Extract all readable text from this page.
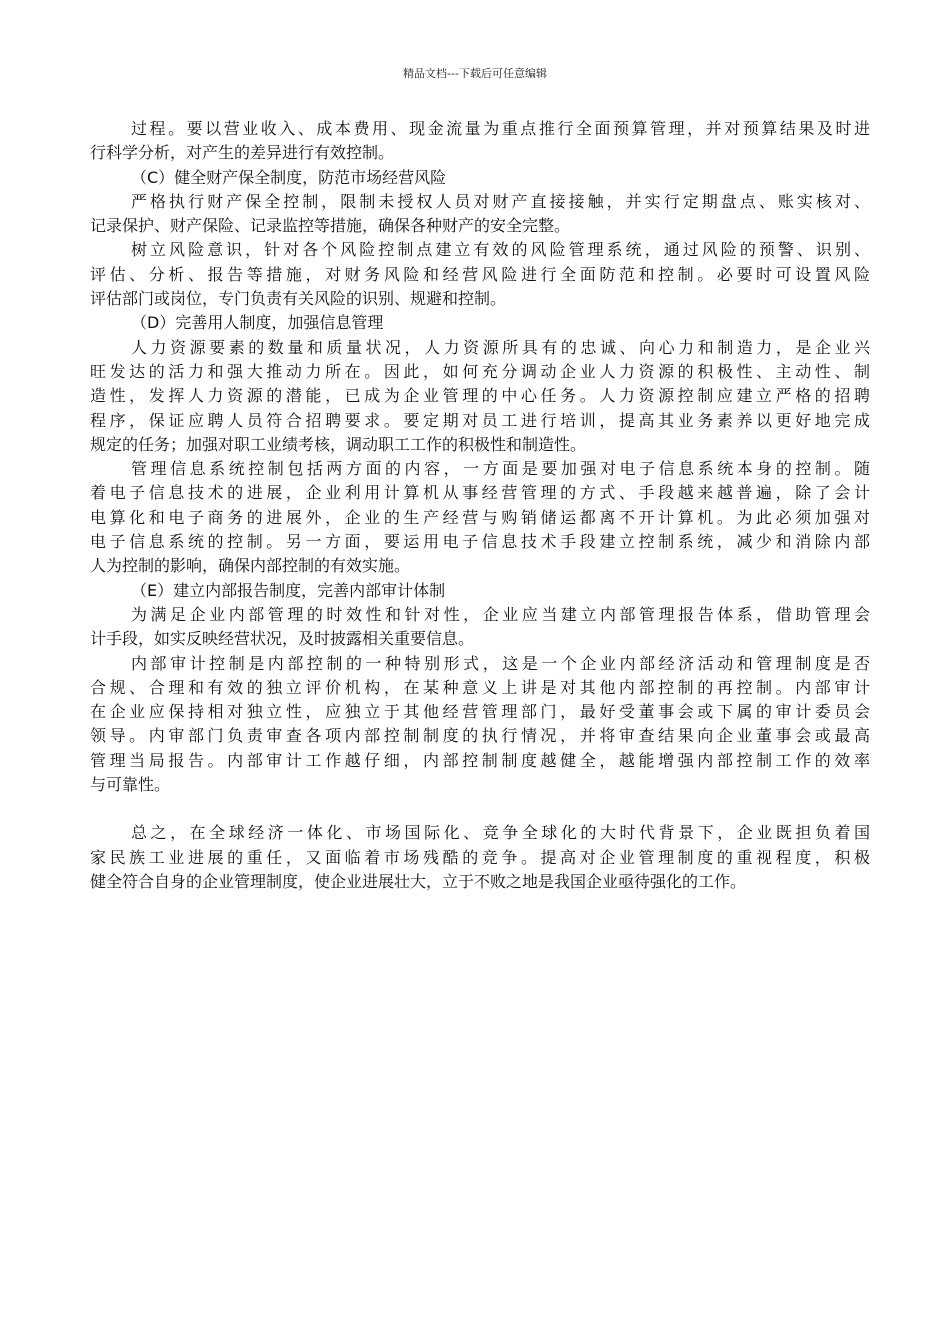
精品文档---下载后可任意编辑
过程。要以营业收入、成本费用、现金流量为重点推行全面预算管理，并对预算结果及时进
行科学分析，对产生的差异进行有效控制。
（C）健全财产保全制度，防范市场经营风险
严格执行财产保全控制，限制未授权人员对财产直接接触，并实行定期盘点、账实核对、
记录保护、财产保险、记录监控等措施，确保各种财产的安全完整。
树立风险意识，针对各个风险控制点建立有效的风险管理系统，通过风险的预警、识别、
评估、分析、报告等措施，对财务风险和经营风险进行全面防范和控制。必要时可设置风险
评估部门或岗位，专门负责有关风险的识别、规避和控制。
（D）完善用人制度，加强信息管理
人力资源要素的数量和质量状况，人力资源所具有的忠诚、向心力和制造力，是企业兴
旺发达的活力和强大推动力所在。因此，如何充分调动企业人力资源的积极性、主动性、制
造性，发挥人力资源的潜能，已成为企业管理的中心任务。人力资源控制应建立严格的招聘
程序，保证应聘人员符合招聘要求。要定期对员工进行培训，提高其业务素养以更好地完成
规定的任务；加强对职工业绩考核，调动职工工作的积极性和制造性。
管理信息系统控制包括两方面的内容，一方面是要加强对电子信息系统本身的控制。随
着电子信息技术的进展，企业利用计算机从事经营管理的方式、手段越来越普遍，除了会计
电算化和电子商务的进展外，企业的生产经营与购销储运都离不开计算机。为此必须加强对
电子信息系统的控制。另一方面，要运用电子信息技术手段建立控制系统，减少和消除内部
人为控制的影响，确保内部控制的有效实施。
（E）建立内部报告制度，完善内部审计体制
为满足企业内部管理的时效性和针对性，企业应当建立内部管理报告体系，借助管理会
计手段，如实反映经营状况，及时披露相关重要信息。
内部审计控制是内部控制的一种特别形式，这是一个企业内部经济活动和管理制度是否
合规、合理和有效的独立评价机构，在某种意义上讲是对其他内部控制的再控制。内部审计
在企业应保持相对独立性，应独立于其他经营管理部门，最好受董事会或下属的审计委员会
领导。内审部门负责审查各项内部控制制度的执行情况，并将审查结果向企业董事会或最高
管理当局报告。内部审计工作越仔细，内部控制制度越健全，越能增强内部控制工作的效率
与可靠性。
总之，在全球经济一体化、市场国际化、竞争全球化的大时代背景下，企业既担负着国
家民族工业进展的重任，又面临着市场残酷的竞争。提高对企业管理制度的重视程度，积极
健全符合自身的企业管理制度，使企业进展壮大，立于不败之地是我国企业亟待强化的工作。
